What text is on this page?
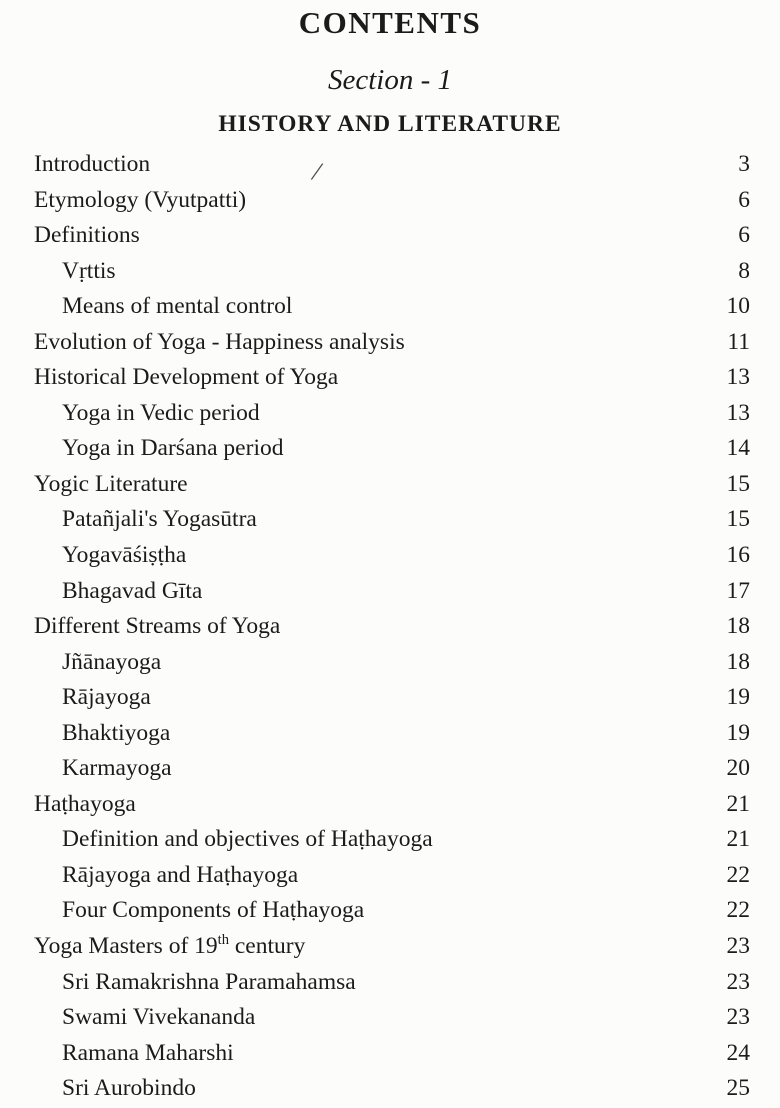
CONTENTS
Section - 1
HISTORY AND LITERATURE
/
Introduction	3
Etymology (Vyutpatti)	6
Definitions	6
Vṛttis	8
Means of mental control	10
Evolution of Yoga - Happiness analysis	11
Historical Development of Yoga	13
Yoga in Vedic period	13
Yoga in Darśana period	14
Yogic Literature	15
Patañjali's Yogasūtra	15
Yogavāśiṣṭha	16
Bhagavad Gīta	17
Different Streams of Yoga	18
Jñānayoga	18
Rājayoga	19
Bhaktiyoga	19
Karmayoga	20
Haṭhayoga	21
Definition and objectives of Haṭhayoga	21
Rājayoga and Haṭhayoga	22
Four Components of Haṭhayoga	22
Yoga Masters of 19th century	23
Sri Ramakrishna Paramahamsa	23
Swami Vivekananda	23
Ramana Maharshi	24
Sri Aurobindo	25
